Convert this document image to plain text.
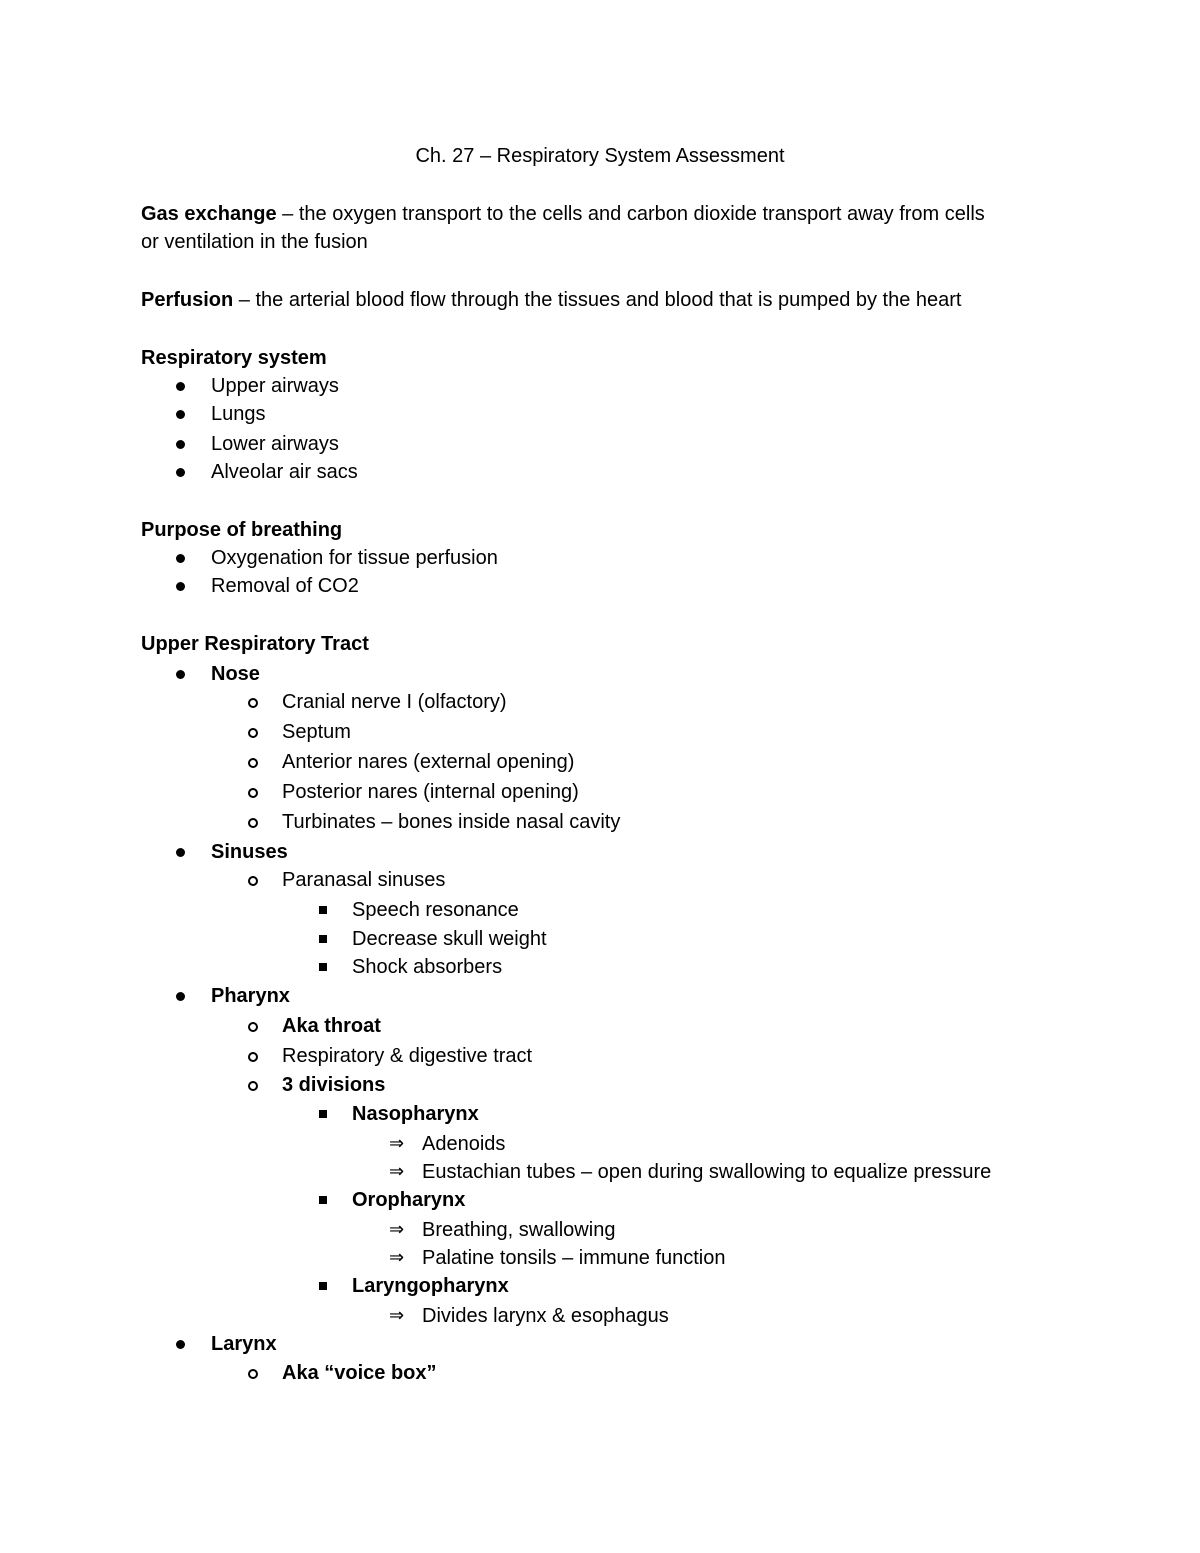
Ch. 27 – Respiratory System Assessment
Gas exchange – the oxygen transport to the cells and carbon dioxide transport away from cells
or ventilation in the fusion
Perfusion – the arterial blood flow through the tissues and blood that is pumped by the heart
Respiratory system
Upper airways
Lungs
Lower airways
Alveolar air sacs
Purpose of breathing
Oxygenation for tissue perfusion
Removal of CO2
Upper Respiratory Tract
Nose
Cranial nerve I (olfactory)
Septum
Anterior nares (external opening)
Posterior nares (internal opening)
Turbinates – bones inside nasal cavity
Sinuses
Paranasal sinuses
Speech resonance
Decrease skull weight
Shock absorbers
Pharynx
Aka throat
Respiratory & digestive tract
3 divisions
Nasopharynx
⇒ Adenoids
⇒ Eustachian tubes – open during swallowing to equalize pressure
Oropharynx
⇒ Breathing, swallowing
⇒ Palatine tonsils – immune function
Laryngopharynx
⇒ Divides larynx & esophagus
Larynx
Aka “voice box”
